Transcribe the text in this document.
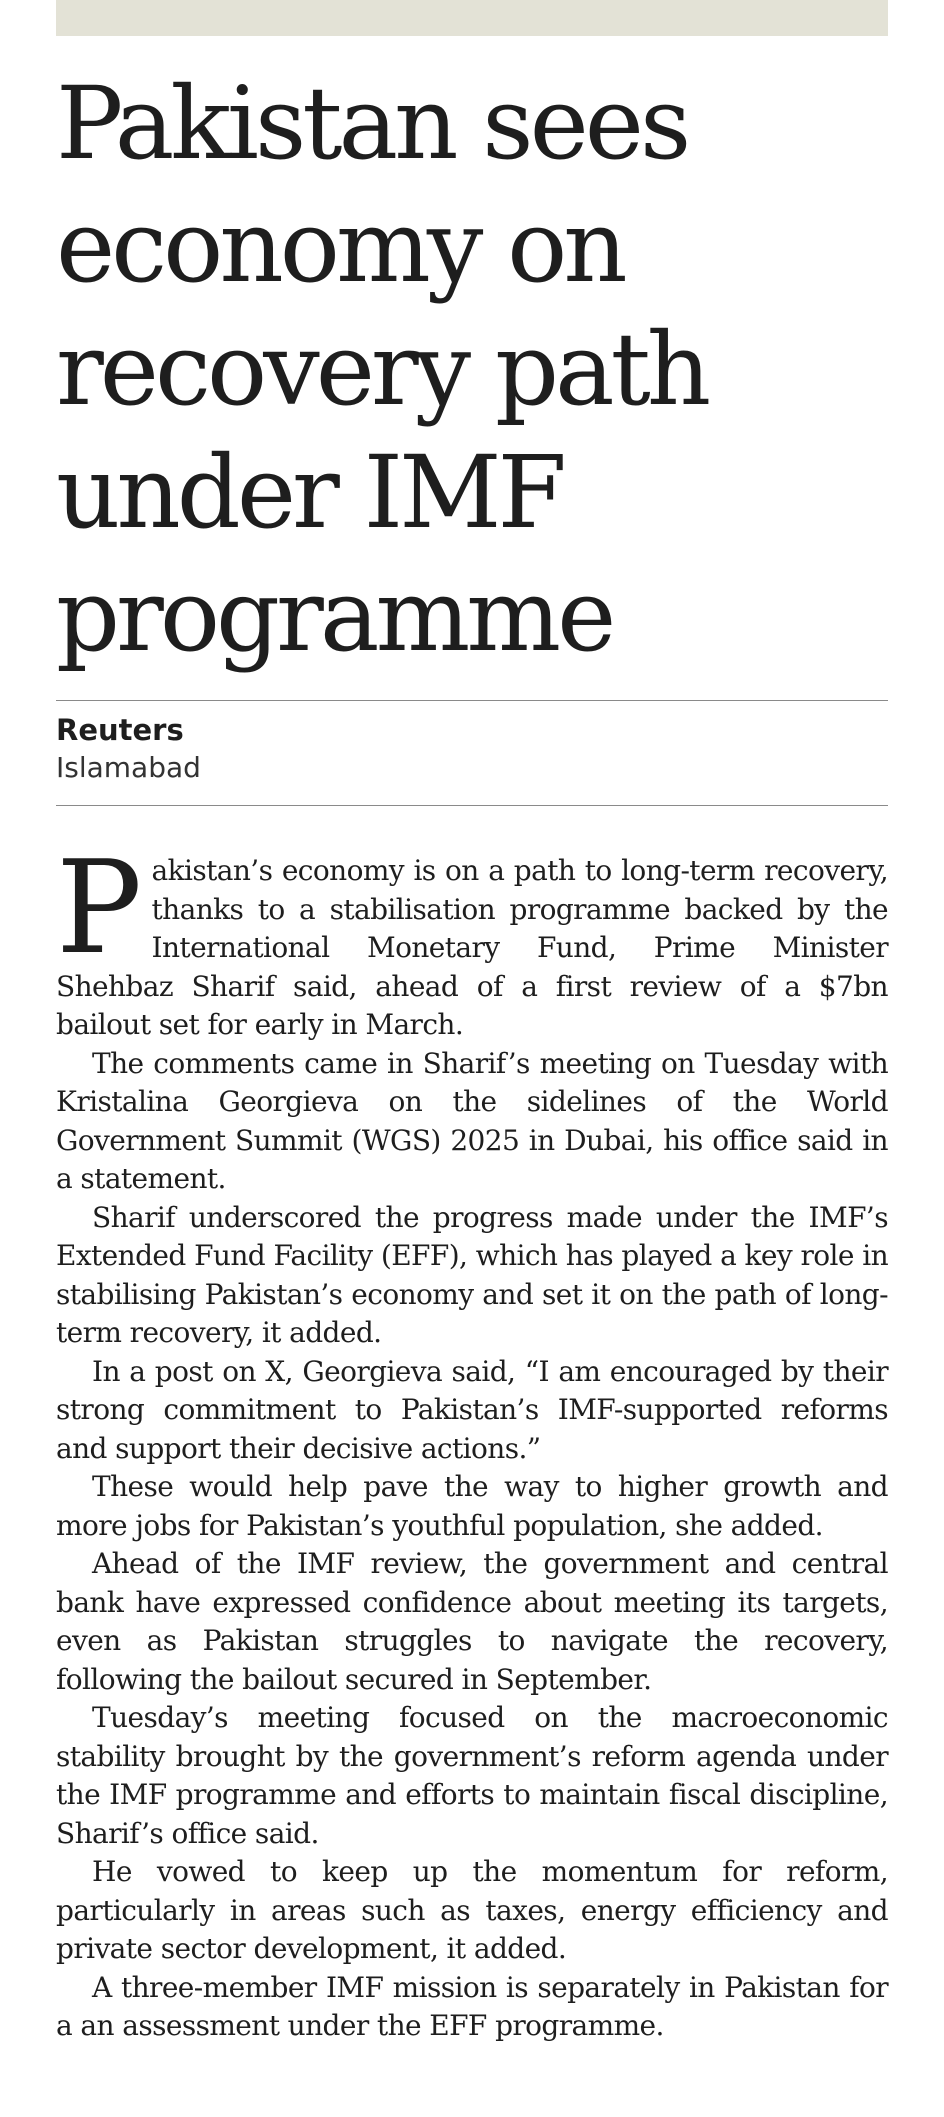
Pakistan sees economy on recovery path under IMF programme
Reuters
Islamabad

Pakistan’s economy is on a path to long-term recovery, thanks to a stabilisation programme backed by the International Monetary Fund, Prime Minister Shehbaz Sharif said, ahead of a first review of a $7bn bailout set for early in March.

The comments came in Sharif’s meeting on Tuesday with Kristalina Georgieva on the sidelines of the World Government Summit (WGS) 2025 in Dubai, his office said in a statement.

Sharif underscored the progress made under the IMF’s Extended Fund Facility (EFF), which has played a key role in stabilising Pakistan’s economy and set it on the path of long-term recovery, it added.

In a post on X, Georgieva said, “I am encouraged by their strong commitment to Pakistan’s IMF-supported reforms and support their decisive actions.”

These would help pave the way to higher growth and more jobs for Pakistan’s youthful population, she added.

Ahead of the IMF review, the government and central bank have expressed confidence about meeting its targets, even as Pakistan struggles to navigate the recovery, following the bailout secured in September.

Tuesday’s meeting focused on the macroeconomic stability brought by the government’s reform agenda under the IMF programme and efforts to maintain fiscal discipline, Sharif’s office said.

He vowed to keep up the momentum for reform, particularly in areas such as taxes, energy efficiency and private sector development, it added.

A three-member IMF mission is separately in Pakistan for a an assessment under the EFF programme.
